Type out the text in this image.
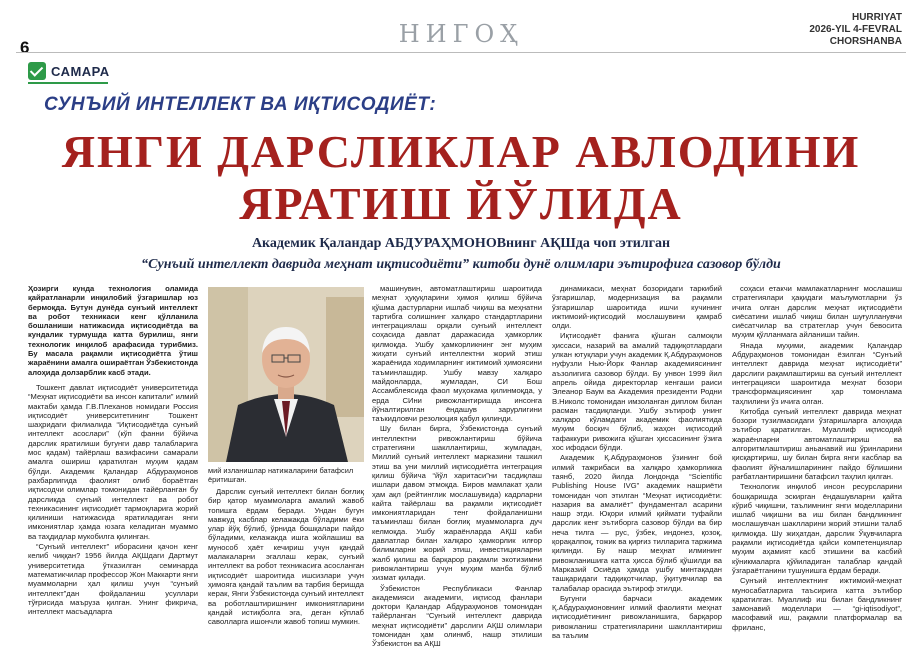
6	НИГОҲ
HURRIYAT
2026-YIL 4-FEVRAL
CHORSHANBA
САМАРА
СУНЪИЙ ИНТЕЛЛЕКТ ВА ИҚТИСОДИЁТ:
ЯНГИ ДАРСЛИКЛАР АВЛОДИНИ
ЯРАТИШ ЙЎЛИДА
Академик Қаландар АБДУРАҲМОНОВнинг АҚШда чоп этилган
“Сунъий интеллект даврида меҳнат иқтисодиёти” китоби дунё олимлари эътирофига сазовор бўлди

Ҳозирги кунда технология оламида қайратланарли инқилобий ўзгаришлар юз бермоқда. Бутун дунёда сунъий интеллект ва робот техникаси кенг қўлланила бошланиши натижасида иқтисодиётда ва кундалик турмушда катта бурилиш, янги технологик инқилоб арафасида турибмиз. Бу масала рақамли иқтисодиётга ўтиш жараёнини амалга ошираётган Ўзбекистонда алоҳида долзарблик касб этади.

Тошкент давлат иқтисодиёт университетида “Меҳнат иқтисодиёти ва инсон капитали” илмий мактаби ҳамда Г.В.Плеханов номидаги Россия иқтисодиёт университетининг Тошкент шаҳридаги филиалида “Иқтисодиётда сунъий интеллект асослари” (кўп фанни бўйича дарслик яратилиши бугунги давр талабларига мос қадам) тайёрлаш вазифасини самарали амалга ошириш қаратилган муҳим қадам бўлди. Академик Қаландар Абдураҳмонов рахбарлигида фаолият олиб бораётган иқтисодчи олимлар томонидан тайёрланган бу дарсликда сунъий интеллект ва робот техникасининг иқтисодиёт тармоқларига жорий қилиниши натижасида яратиладиган янги имкониятлар ҳамда юзага келадиган муаммо ва таҳдидлар мукобилга қилинган.

“Сунъий интеллект” иборасини қачон кенг келиб чиққан? 1956 йилда АҚШдаги Дартмут университетида ўтказилган семинарда математикчилар профессор Жон Маккарти янги муаммоларни ҳал қилиш учун “сунъий интеллект”дан фойдаланиш усуллари тўғрисида маъруза қилган. Унинг фикрича, интеллект масъадларга

мий изланишлар натижаларини батафсил ёритишган.

Дарслик сунъий интеллект билан боғлиқ бир қатор муаммоларга амалий жавоб топишга ёрдам беради. Ундан бугун мавжуд касблар келажакда бўладими ёки улар йўқ бўлиб, ўрнида бошқалари пайдо бўладими, келажакда ишга жойлашиш ва мунособ ҳаёт кечириш учун қандай малакаларни эгаллаш керак, сунъий интеллект ва робот техникасига асосланган иқтисодиёт шароитида ишсизлари учун ҳимояга қандай таълим ва тарбия беришда керак, Янги Ўзбекистонда сунъий интеллект ва роботлаштиришнинг имкониятларини қандай истиқболга эга, деган кўплаб саволларга ишончли жавоб топиш мумкин.

машинувин, автоматлаштириш шароитида меҳнат ҳуқуқларини ҳимоя қилиш бўйича қўшма дастурларни ишлаб чиқиш ва меҳнатни тартибга солишнинг халқаро стандартларини интеграциялаш орқали сунъий интеллект соҳасида давлат даражасида ҳамкорлик қилмоқда. Ушбу ҳамкорликнинг энг муҳим жиҳати сунъий интеллектни жорий этиш жараёнида ходимларнинг ижтимоий ҳимоясини таъминлашдир. Ушбу мавзу халқаро майдонларда, жумладан, СИ Бош Ассамблеясида фаол муҳокама қилинмоқда, у ерда СИни ривожлантиришда инсонга йўналтирилган ёндашув зарурлигини таъкидловчи резолюция қабул қилинди.

Шу билан бирга, Ўзбекистонда сунъий интеллектни ривожлантириш бўйича стратегияни шакллантириш, жумладан, Миллий сунъий интеллект марказини ташкил этиш ва уни миллий иқтисодиётга интеграция қилиш бўйича “йўл харитаси”ни тасдиқлаш ишлари давом этмоқда. Биров мамлакат ҳали ҳам ақл (рейтинглик мослашувида) кадрларни кайта тайёрлаш ва рақамли иқтисодиёт имкониятларидан тенг фойдаланишни таъминлаш билан боғлиқ муаммоларга дуч келмоқда. Ушбу жараёнларда АҚШ каби давлатлар билан халқаро ҳамкорлик илғор билимларни жорий этиш, инвестицияларни жалб қилиш ва барқарор рақамли экотизимни ривожлантириш учун муҳим манба бўлиб хизмат қилади.

Ўзбекистон Республикаси Фанлар академияси академиги, иқтисод фанлари доктори Қаландар Абдураҳмонов томонидан тайёрланган “Сунъий интеллект даврида меҳнат иқтисодиёти” дарслиги АҚШ олимлари томонидан ҳам олинмб, нашр этилиши Ўзбекистон ва АҚШ

динамикаси, меҳнат бозоридаги таркибий ўзгаришлар, модернизация ва рақамли ўзгаришлар шароитида ишчи кучининг ижтимоий-иқтисодий мослашувини қамраб олди.

Иқтисодиёт фанига қўшган салмоқли ҳиссаси, назарий ва амалий тадқиқотлардаги улкан ютуқлари учун академик Қ.Абдураҳмонов нуфузли Нью-Йорк Фанлар академиясининг аъзолигига сазовор бўлди. Бу унвон 1999 йил апрель ойида директорлар кенгаши раиси Элеанор Баум ва Академия президенти Родни В.Николс томонидан имзоланган диплом билан расман тасдиқланди. Ушбу эътироф унинг халқаро кўламдаги академик фаолиятида муҳим босқич бўлиб, жаҳон иқтисодий тафаккури ривожига қўшган ҳиссасининг ўзига хос ифодаси бўлди.

Академик Қ.Абдураҳмонов ўзининг бой илмий тажрибаси ва халқаро ҳамкорликка таянб, 2020 йилда Лондонда “Scientific Publishing House IVG” академик нашриёти томонидан чоп этилган “Меҳнат иқтисодиёти: назария ва амалиёт” фундаментал асарини нашр этди. Юқори илмий қиймати туфайли дарслик кенг эътиборга сазовор бўлди ва бир неча тилга — рус, ўзбек, индонез, қозоқ, қорақалпоқ, тожик ва қирғиз тилларига таржима қилинди. Бу нашр меҳнат илмининг ривожланишига катта ҳисса бўлиб қўшилди ва Марказий Осиёда ҳамда ушбу минтақадан ташқаридаги тадқиқотчилар, ўқитувчилар ва талабалар орасида эътироф этилди.

Бугунги барчаси академик Қ.Абдураҳмоновнинг илмий фаолияти меҳнат иқтисодиётининг ривожланишига, барқарор ривожланиш стратегияларини шакллантириш ва таълим

соҳаси етакчи мамлакатларнинг мослашиш стратегиялари ҳақидаги маълумотларни ўз ичига олган дарслик меҳнат иқтисодиёти сиёсатини ишлаб чиқиш билан шуғулланувчи сиёсатчилар ва стратеглар учун бевосита муҳим қўлланмага айланиши тайин.

Янада муҳими, академик Қаландар Абдураҳмонов томонидан ёзилган “Сунъий интеллект даврида меҳнат иқтисодиёти” дарслиги рақамлаштириш ва сунъий интеллект интеграцияси шароитида меҳнат бозори трансформациясининг ҳар томонлама таҳлилини ўз ичига олган.

Китобда сунъий интеллект даврида меҳнат бозори тузилмасидаги ўзгаришларга алоҳида эътибор қаратилган. Муаллиф иқтисодий жараёнларни автоматлаштириш ва алгоритмлаштириш аньанавий иш ўринларини қисқартириш, шу билан бирга янги касблар ва фаолият йўналишларининг пайдо бўлишини рағбатлантиришини батафсил таҳлил қилган.

Технологик инқилоб инсон ресурсларини бошқаришда эскирган ёндашувларни қайта кўриб чиқишни, таълимнинг янги моделларини ишлаб чиқишни ва иш билан бандликнинг мослашувчан шаклларини жорий этишни талаб қилмоқда. Шу жиҳатдан, дарслик Ўқувчиларга рақамли иқтисодиётда қайси компетенциялар муҳим аҳамият касб этишини ва касбий кўникмаларга қўйиладиган талаблар қандай ўзгараётганини тушунишга ёрдам беради.

Сунъий интеллектнинг ижтимоий-меҳнат муносабатларига таъсирига катта эътибор қаратилган. Муаллиф иш билан бандликнинг замонавий моделлари — “gi-iqtisodiyot”, масофавий иш, рақамли платформалар ва фриланс,
